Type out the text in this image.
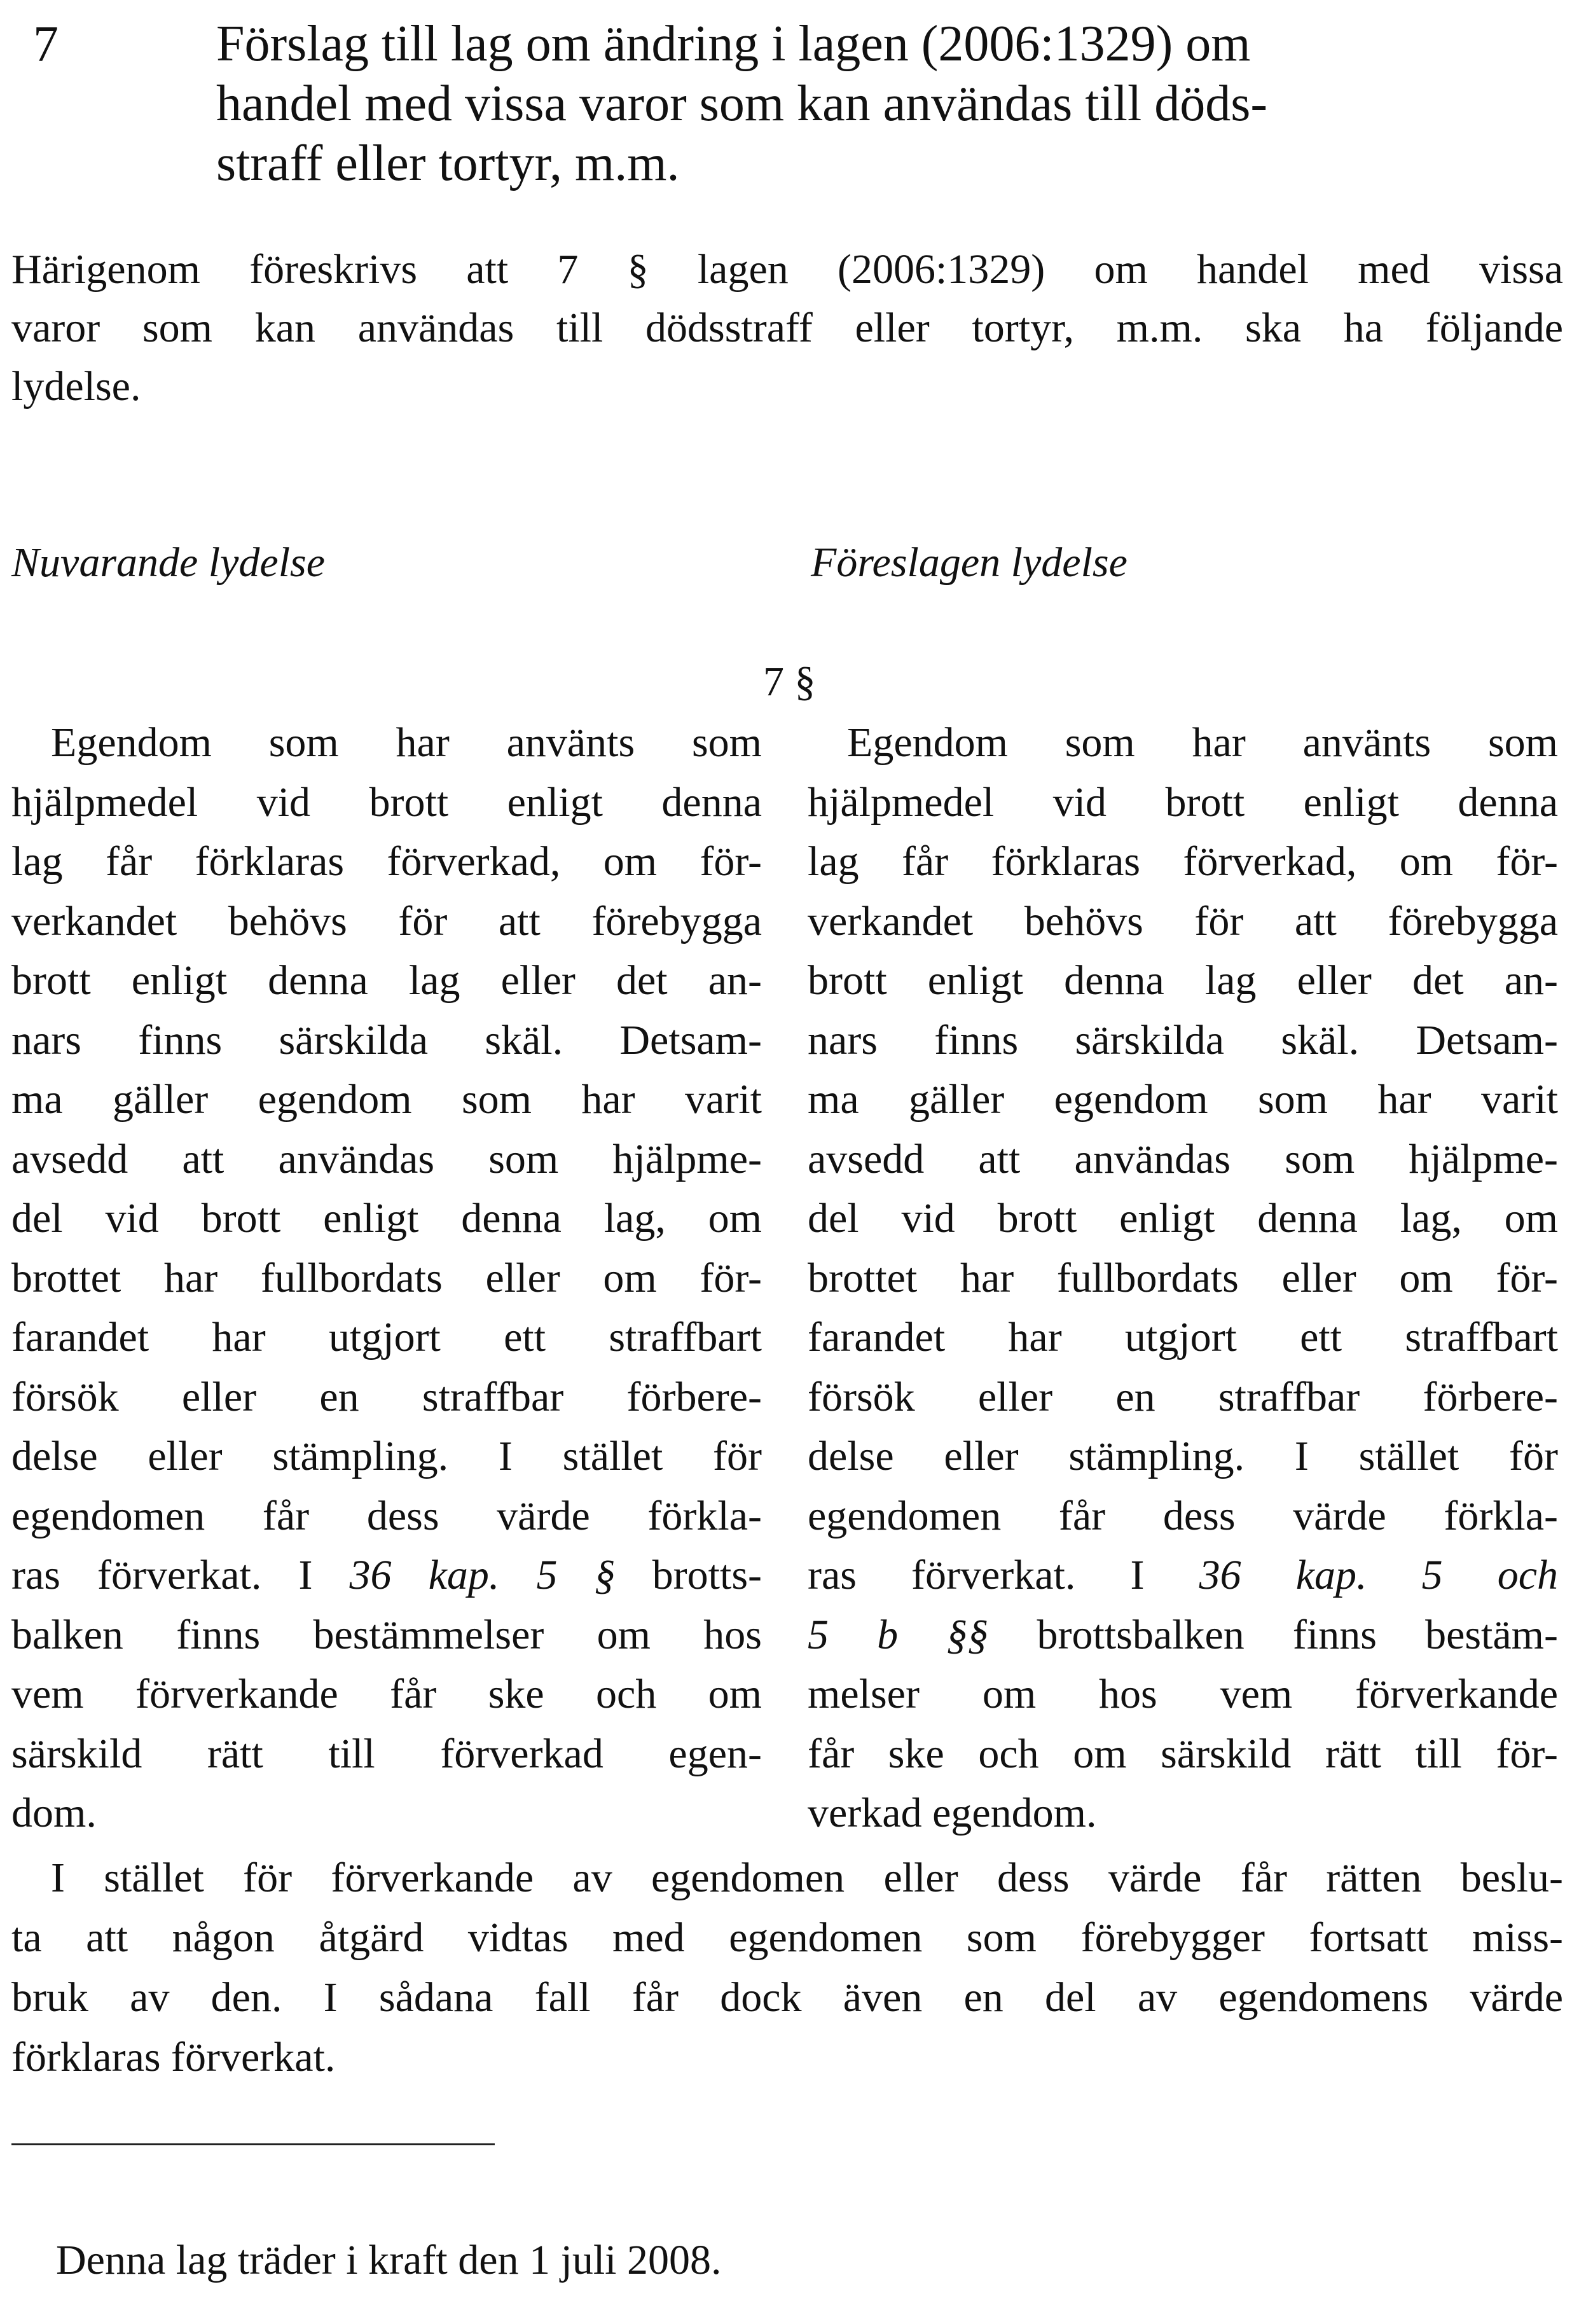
7	Förslag till lag om ändring i lagen (2006:1329) om
handel med vissa varor som kan användas till döds-
straff eller tortyr, m.m.
Härigenom föreskrivs att 7 § lagen (2006:1329) om handel med vissa
varor som kan användas till dödsstraff eller tortyr, m.m. ska ha följande
lydelse.
Nuvarande lydelse	Föreslagen lydelse
7 §
Egendom som har använts som
hjälpmedel vid brott enligt denna
lag får förklaras förverkad, om för-
verkandet behövs för att förebygga
brott enligt denna lag eller det an-
nars finns särskilda skäl. Detsam-
ma gäller egendom som har varit
avsedd att användas som hjälpme-
del vid brott enligt denna lag, om
brottet har fullbordats eller om för-
farandet har utgjort ett straffbart
försök eller en straffbar förbere-
delse eller stämpling. I stället för
egendomen får dess värde förkla-
ras förverkat. I 36 kap. 5 § brotts-
balken finns bestämmelser om hos
vem förverkande får ske och om
särskild rätt till förverkad egen-
dom.
Egendom som har använts som
hjälpmedel vid brott enligt denna
lag får förklaras förverkad, om för-
verkandet behövs för att förebygga
brott enligt denna lag eller det an-
nars finns särskilda skäl. Detsam-
ma gäller egendom som har varit
avsedd att användas som hjälpme-
del vid brott enligt denna lag, om
brottet har fullbordats eller om för-
farandet har utgjort ett straffbart
försök eller en straffbar förbere-
delse eller stämpling. I stället för
egendomen får dess värde förkla-
ras förverkat. I 36 kap. 5 och
5 b §§ brottsbalken finns bestäm-
melser om hos vem förverkande
får ske och om särskild rätt till för-
verkad egendom.
I stället för förverkande av egendomen eller dess värde får rätten beslu-
ta att någon åtgärd vidtas med egendomen som förebygger fortsatt miss-
bruk av den. I sådana fall får dock även en del av egendomens värde
förklaras förverkat.
Denna lag träder i kraft den 1 juli 2008.
